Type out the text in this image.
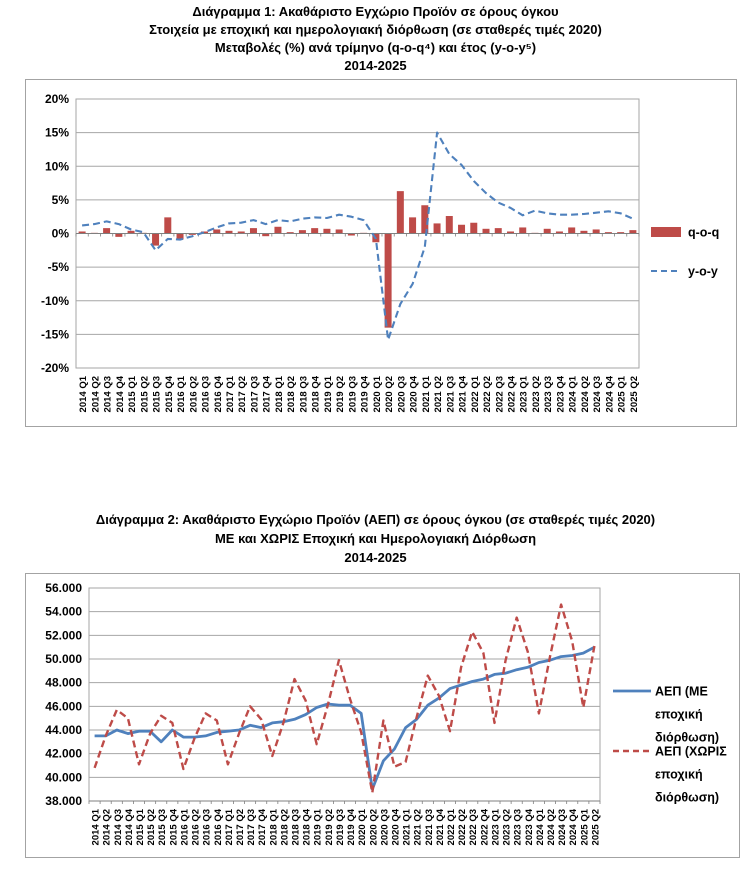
Διάγραμμα 1: Ακαθάριστο Εγχώριο Προϊόν σε όρους όγκου
Στοιχεία με εποχική και ημερολογιακή διόρθωση (σε σταθερές τιμές 2020)
Μεταβολές (%) ανά τρίμηνο (q-o-q⁴) και έτος (y-o-y⁵)
2014-2025
20%
15%
10%
5%
0%
-5%
-10%
-15%
-20%
2014 Q1 2014 Q2 2014 Q3 2014 Q4 2015 Q1 2015 Q2 2015 Q3 2015 Q4 2016 Q1 2016 Q2 2016 Q3 2016 Q4 2017 Q1 2017 Q2 2017 Q3 2017 Q4 2018 Q1 2018 Q2 2018 Q3 2018 Q4 2019 Q1 2019 Q2 2019 Q3 2019 Q4 2020 Q1 2020 Q2 2020 Q3 2020 Q4 2021 Q1 2021 Q2 2021 Q3 2021 Q4 2022 Q1 2022 Q2 2022 Q3 2022 Q4 2023 Q1 2023 Q2 2023 Q3 2023 Q4 2024 Q1 2024 Q2 2024 Q3 2024 Q4 2025 Q1 2025 Q2
q-o-q
y-o-y
Διάγραμμα 2: Ακαθάριστο Εγχώριο Προϊόν (ΑΕΠ) σε όρους όγκου (σε σταθερές τιμές 2020)
ΜΕ και ΧΩΡΙΣ Εποχική και Ημερολογιακή Διόρθωση
2014-2025
56.000
54.000
52.000
50.000
48.000
46.000
44.000
42.000
40.000
38.000
2014 Q1 2014 Q2 2014 Q3 2014 Q4 2015 Q1 2015 Q2 2015 Q3 2015 Q4 2016 Q1 2016 Q2 2016 Q3 2016 Q4 2017 Q1 2017 Q2 2017 Q3 2017 Q4 2018 Q1 2018 Q2 2018 Q3 2018 Q4 2019 Q1 2019 Q2 2019 Q3 2019 Q4 2020 Q1 2020 Q2 2020 Q3 2020 Q4 2021 Q1 2021 Q2 2021 Q3 2021 Q4 2022 Q1 2022 Q2 2022 Q3 2022 Q4 2023 Q1 2023 Q2 2023 Q3 2023 Q4 2024 Q1 2024 Q2 2024 Q3 2024 Q4 2025 Q1 2025 Q2
ΑΕΠ (ΜΕ
εποχική
διόρθωση)
ΑΕΠ (ΧΩΡΙΣ
εποχική
διόρθωση)
